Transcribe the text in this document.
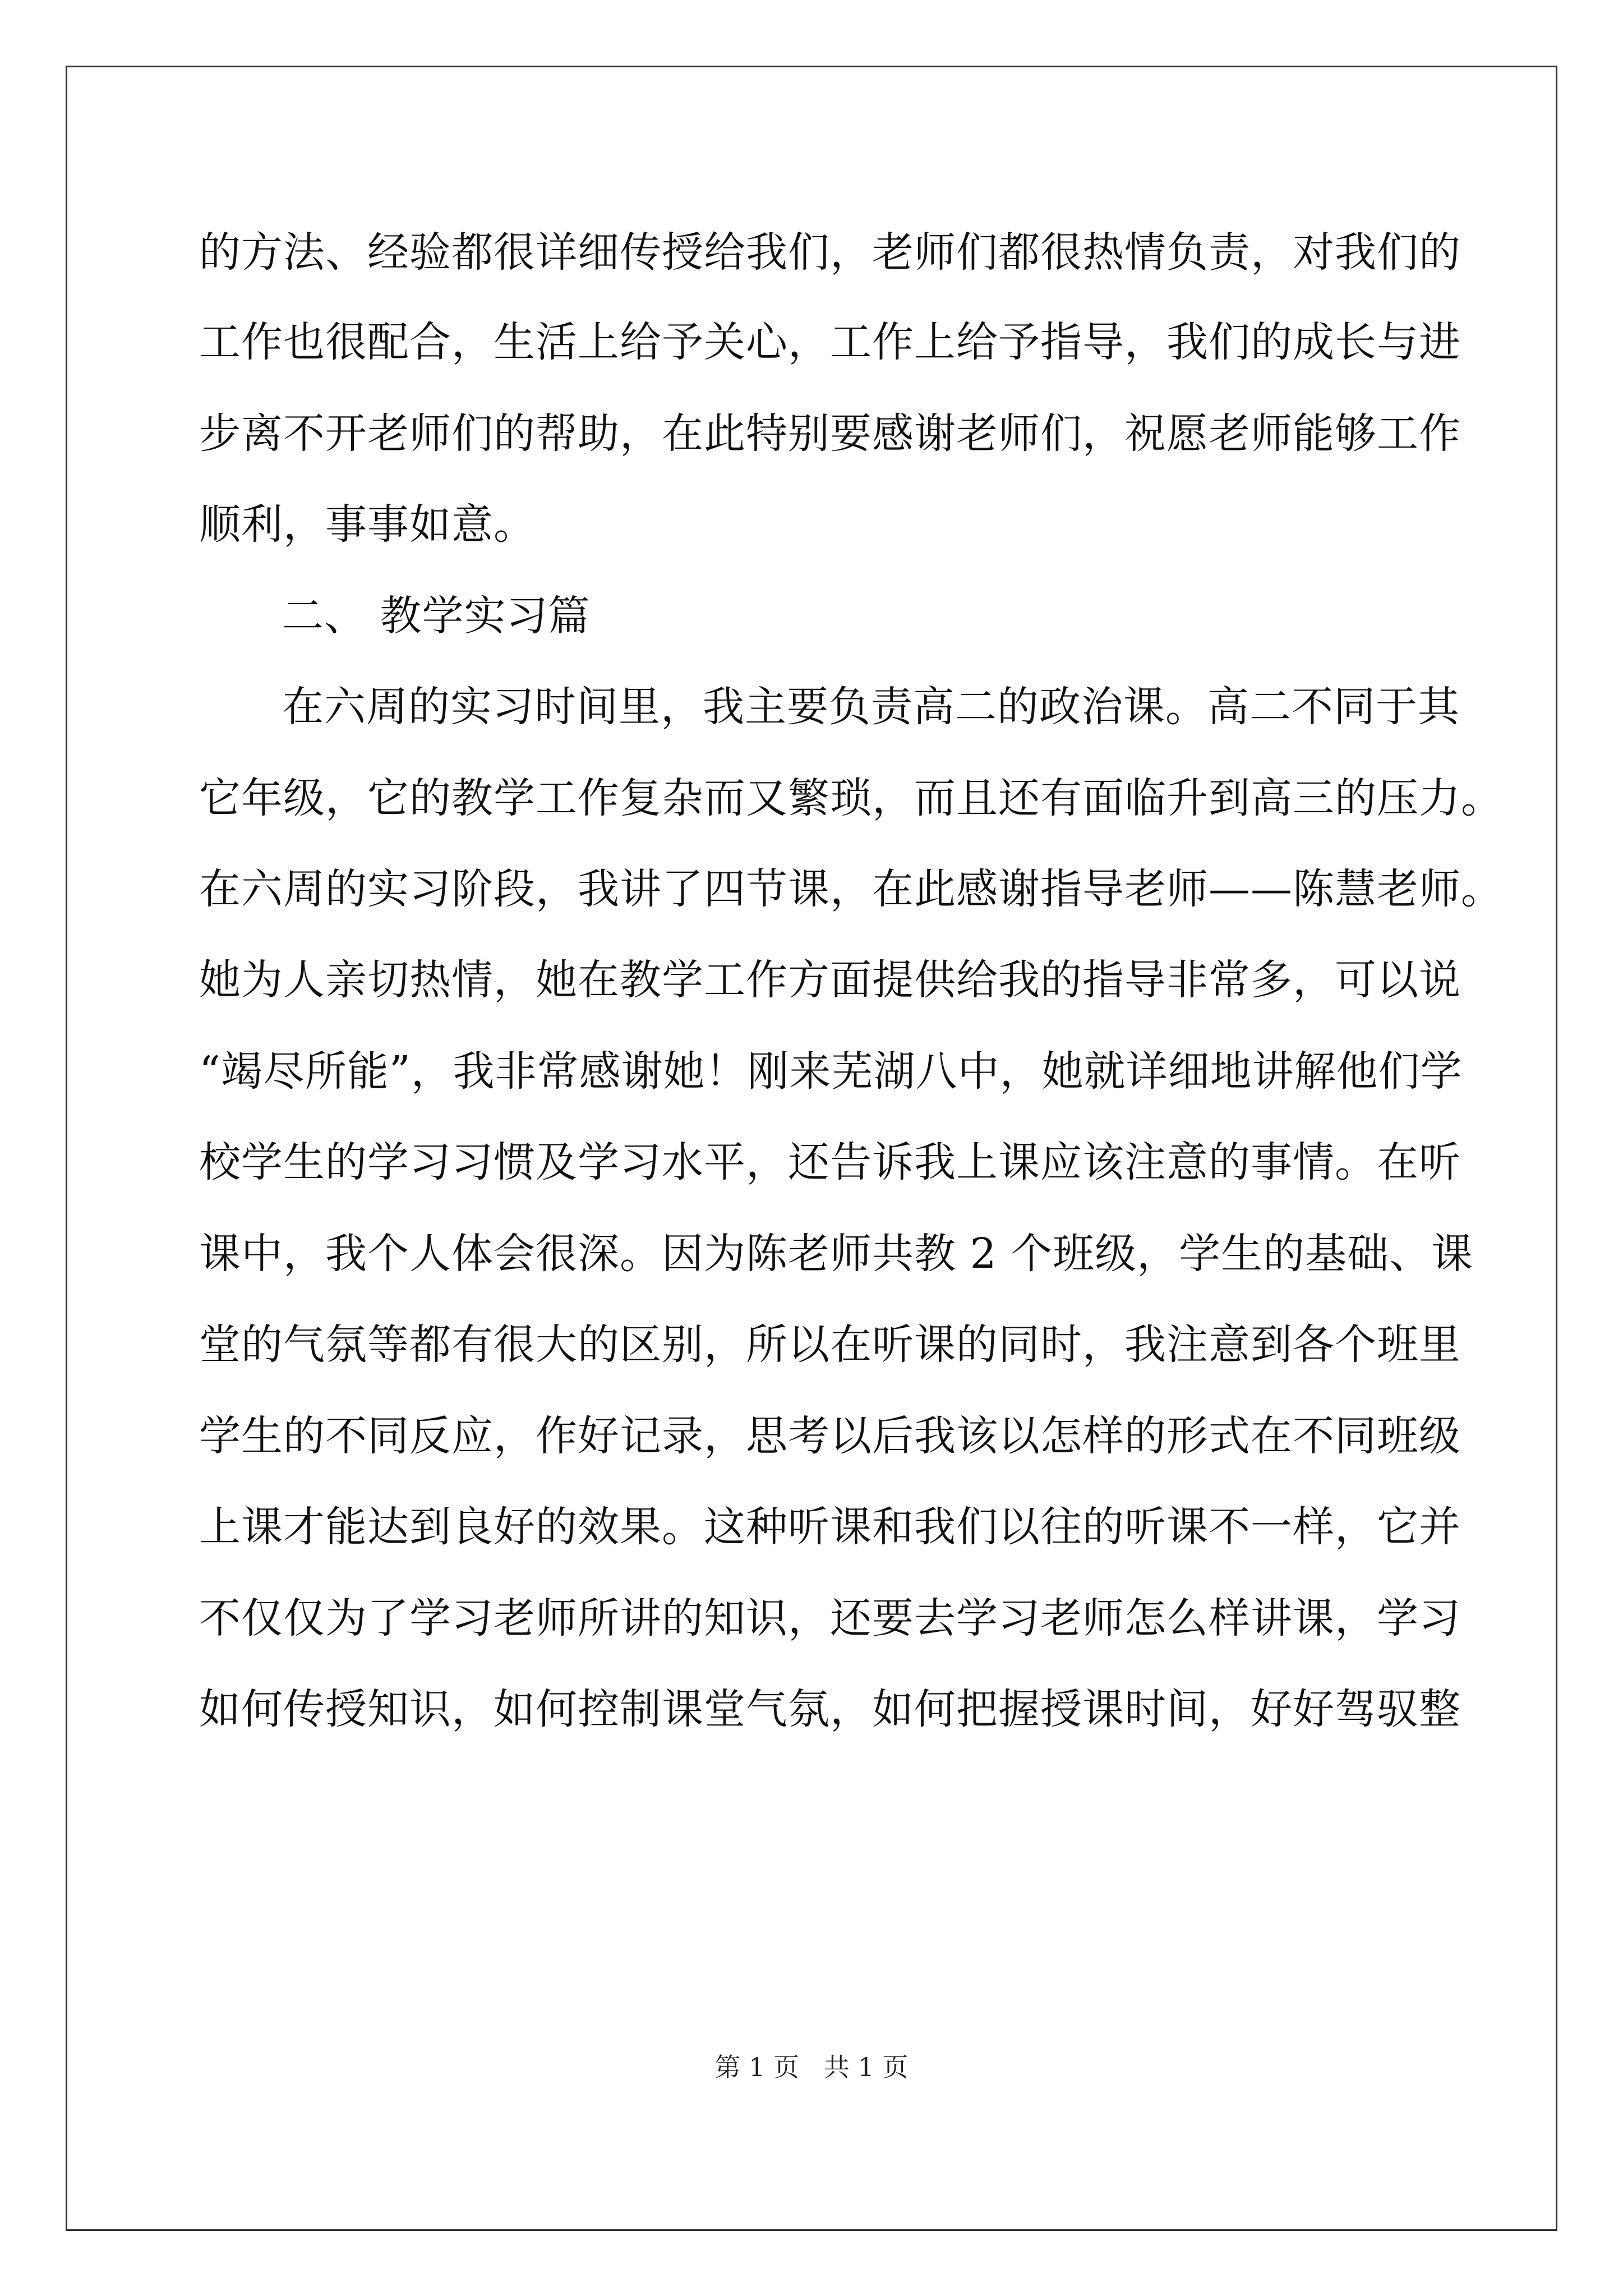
的方法、经验都很详细传授给我们，老师们都很热情负责，对我们的
工作也很配合，生活上给予关心，工作上给予指导，我们的成长与进
步离不开老师们的帮助，在此特别要感谢老师们，祝愿老师能够工作
顺利，事事如意。
二、 教学实习篇
在六周的实习时间里，我主要负责高二的政治课。高二不同于其
它年级，它的教学工作复杂而又繁琐，而且还有面临升到高三的压力。
在六周的实习阶段，我讲了四节课，在此感谢指导老师——陈慧老师。
她为人亲切热情，她在教学工作方面提供给我的指导非常多，可以说
“竭尽所能”，我非常感谢她！刚来芜湖八中，她就详细地讲解他们学
校学生的学习习惯及学习水平，还告诉我上课应该注意的事情。在听
课中，我个人体会很深。因为陈老师共教 2 个班级，学生的基础、课
堂的气氛等都有很大的区别，所以在听课的同时，我注意到各个班里
学生的不同反应，作好记录，思考以后我该以怎样的形式在不同班级
上课才能达到良好的效果。这种听课和我们以往的听课不一样，它并
不仅仅为了学习老师所讲的知识，还要去学习老师怎么样讲课，学习
如何传授知识，如何控制课堂气氛，如何把握授课时间，好好驾驭整
第 1 页   共 1 页
